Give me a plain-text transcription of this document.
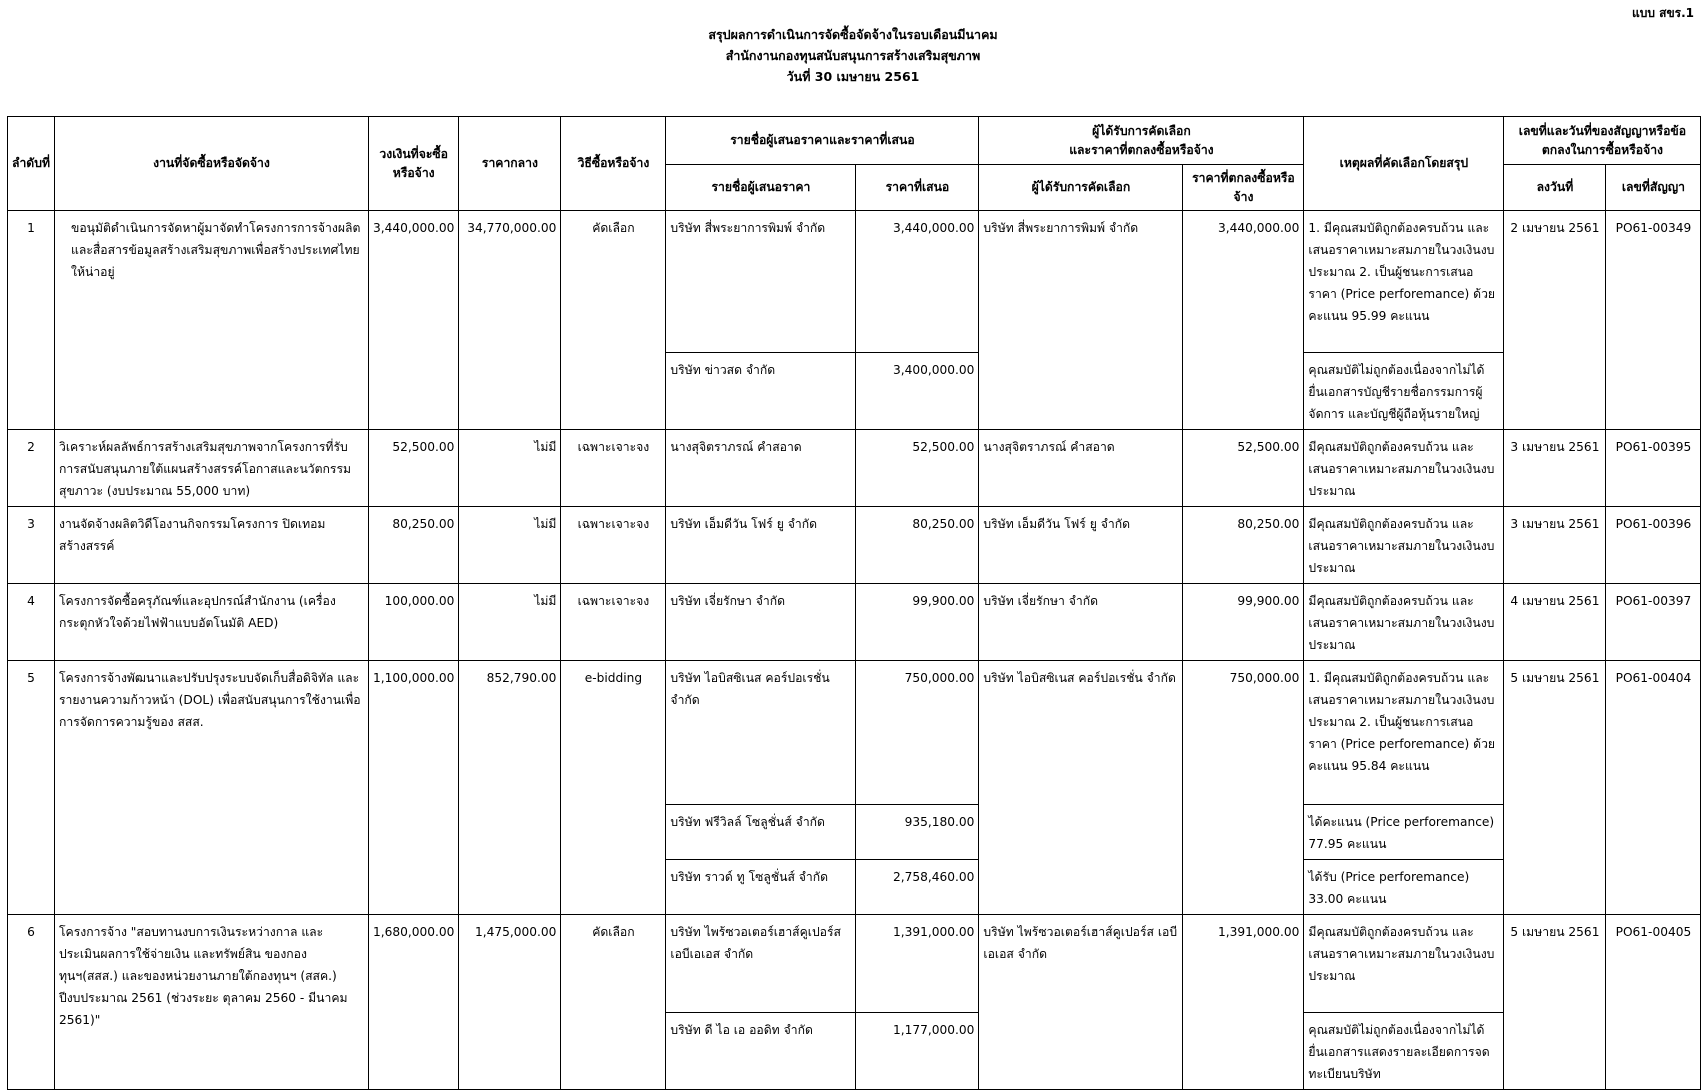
แบบ สขร.1
สรุปผลการดำเนินการจัดซื้อจัดจ้างในรอบเดือนมีนาคม
สำนักงานกองทุนสนับสนุนการสร้างเสริมสุขภาพ
วันที่ 30 เมษายน 2561
ลำดับที่	งานที่จัดซื้อหรือจัดจ้าง	วงเงินที่จะซื้อหรือจ้าง	ราคากลาง	วิธีซื้อหรือจ้าง	รายชื่อผู้เสนอราคาและราคาที่เสนอ		ผู้ได้รับการคัดเลือก
และราคาที่ตกลงซื้อหรือจ้าง		เหตุผลที่คัดเลือกโดยสรุป	เลขที่และวันที่ของสัญญาหรือข้อตกลงในการซื้อหรือจ้าง	
					รายชื่อผู้เสนอราคา	ราคาที่เสนอ	ผู้ได้รับการคัดเลือก	ราคาที่ตกลงซื้อหรือจ้าง		ลงวันที่	เลขที่สัญญา
1	ขอนุมัติดำเนินการจัดหาผู้มาจัดทำโครงการการจ้างผลิตและสื่อสารข้อมูลสร้างเสริมสุขภาพเพื่อสร้างประเทศไทยให้น่าอยู่	3,440,000.00	34,770,000.00	คัดเลือก	บริษัท สี่พระยาการพิมพ์ จำกัด	3,440,000.00	บริษัท สี่พระยาการพิมพ์ จำกัด	3,440,000.00	1. มีคุณสมบัติถูกต้องครบถ้วน และเสนอราคาเหมาะสมภายในวงเงินงบประมาณ 2. เป็นผู้ชนะการเสนอราคา (Price perforemance) ด้วยคะแนน 95.99 คะแนน	2 เมษายน 2561	PO61-00349
					บริษัท ข่าวสด จำกัด	3,400,000.00			คุณสมบัติไม่ถูกต้องเนื่องจากไม่ได้ยื่นเอกสารบัญชีรายชื่อกรรมการผู้จัดการ และบัญชีผู้ถือหุ้นรายใหญ่		
2	วิเคราะห์ผลลัพธ์การสร้างเสริมสุขภาพจากโครงการที่รับการสนับสนุนภายใต้แผนสร้างสรรค์โอกาสและนวัตกรรมสุขภาวะ (งบประมาณ 55,000 บาท)	52,500.00	ไม่มี	เฉพาะเจาะจง	นางสุจิตราภรณ์ คำสอาด	52,500.00	นางสุจิตราภรณ์ คำสอาด	52,500.00	มีคุณสมบัติถูกต้องครบถ้วน และเสนอราคาเหมาะสมภายในวงเงินงบประมาณ	3 เมษายน 2561	PO61-00395
3	งานจัดจ้างผลิตวิดีโองานกิจกรรมโครงการ ปิดเทอมสร้างสรรค์	80,250.00	ไม่มี	เฉพาะเจาะจง	บริษัท เอ็มดีวัน โฟร์ ยู จำกัด	80,250.00	บริษัท เอ็มดีวัน โฟร์ ยู จำกัด	80,250.00	มีคุณสมบัติถูกต้องครบถ้วน และเสนอราคาเหมาะสมภายในวงเงินงบประมาณ	3 เมษายน 2561	PO61-00396
4	โครงการจัดซื้อครุภัณฑ์และอุปกรณ์สำนักงาน (เครื่องกระตุกหัวใจด้วยไฟฟ้าแบบอัตโนมัติ AED)	100,000.00	ไม่มี	เฉพาะเจาะจง	บริษัท เจี่ยรักษา จำกัด	99,900.00	บริษัท เจี่ยรักษา จำกัด	99,900.00	มีคุณสมบัติถูกต้องครบถ้วน และเสนอราคาเหมาะสมภายในวงเงินงบประมาณ	4 เมษายน 2561	PO61-00397
5	โครงการจ้างพัฒนาและปรับปรุงระบบจัดเก็บสื่อดิจิทัล และรายงานความก้าวหน้า (DOL) เพื่อสนับสนุนการใช้งานเพื่อการจัดการความรู้ของ สสส.	1,100,000.00	852,790.00	e-bidding	บริษัท ไอบิสซิเนส คอร์ปอเรชั่น จำกัด	750,000.00	บริษัท ไอบิสซิเนส คอร์ปอเรชั่น จำกัด	750,000.00	1. มีคุณสมบัติถูกต้องครบถ้วน และเสนอราคาเหมาะสมภายในวงเงินงบประมาณ 2. เป็นผู้ชนะการเสนอราคา (Price perforemance) ด้วยคะแนน 95.84 คะแนน	5 เมษายน 2561	PO61-00404
					บริษัท ฟรีวิลล์ โซลูชั่นส์ จำกัด	935,180.00			ได้คะแนน (Price perforemance) 77.95 คะแนน		
					บริษัท ราวด์ ทู โซลูชั่นส์ จำกัด	2,758,460.00			ได้รับ (Price perforemance) 33.00 คะแนน		
6	โครงการจ้าง "สอบทานงบการเงินระหว่างกาล และ ประเมินผลการใช้จ่ายเงิน และทรัพย์สิน ของกองทุนฯ(สสส.) และของหน่วยงานภายใต้กองทุนฯ (สสค.) ปีงบประมาณ 2561 (ช่วงระยะ ตุลาคม 2560 - มีนาคม 2561)"	1,680,000.00	1,475,000.00	คัดเลือก	บริษัท ไพร้ซวอเตอร์เฮาส์คูเปอร์ส เอบีเอเอส จำกัด	1,391,000.00	บริษัท ไพร้ซวอเตอร์เฮาส์คูเปอร์ส เอบีเอเอส จำกัด	1,391,000.00	มีคุณสมบัติถูกต้องครบถ้วน และเสนอราคาเหมาะสมภายในวงเงินงบประมาณ	5 เมษายน 2561	PO61-00405
					บริษัท ดี ไอ เอ ออดิท จำกัด	1,177,000.00			คุณสมบัติไม่ถูกต้องเนื่องจากไม่ได้ยื่นเอกสารแสดงรายละเอียดการจดทะเบียนบริษัท		
